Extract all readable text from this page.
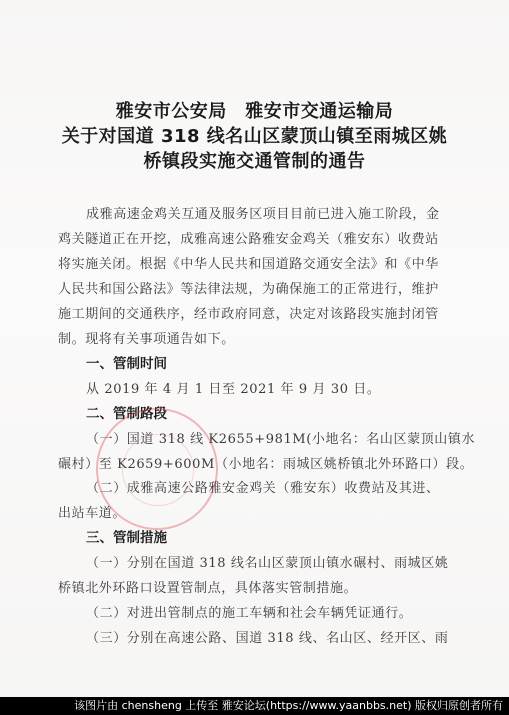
雅安市公安局　雅安市交通运输局
关于对国道 318 线名山区蒙顶山镇至雨城区姚
桥镇段实施交通管制的通告
成雅高速金鸡关互通及服务区项目目前已进入施工阶段，金
鸡关隧道正在开挖，成雅高速公路雅安金鸡关（雅安东）收费站
将实施关闭。根据《中华人民共和国道路交通安全法》和《中华
人民共和国公路法》等法律法规，为确保施工的正常进行，维护
施工期间的交通秩序，经市政府同意，决定对该路段实施封闭管
制。现将有关事项通告如下。
一、管制时间
从 2019 年 4 月 1 日至 2021 年 9 月 30 日。
二、管制路段
（一）国道 318 线 K2655+981M(小地名：名山区蒙顶山镇水
碾村）至 K2659+600M（小地名：雨城区姚桥镇北外环路口）段。
（二）成雅高速公路雅安金鸡关（雅安东）收费站及其进、
出站车道。
三、管制措施
（一）分别在国道 318 线名山区蒙顶山镇水碾村、雨城区姚
桥镇北外环路口设置管制点，具体落实管制措施。
（二）对进出管制点的施工车辆和社会车辆凭证通行。
（三）分别在高速公路、国道 318 线、名山区、经开区、雨
该图片由 chensheng 上传至 雅安论坛(https://www.yaanbbs.net) 版权归原创者所有
